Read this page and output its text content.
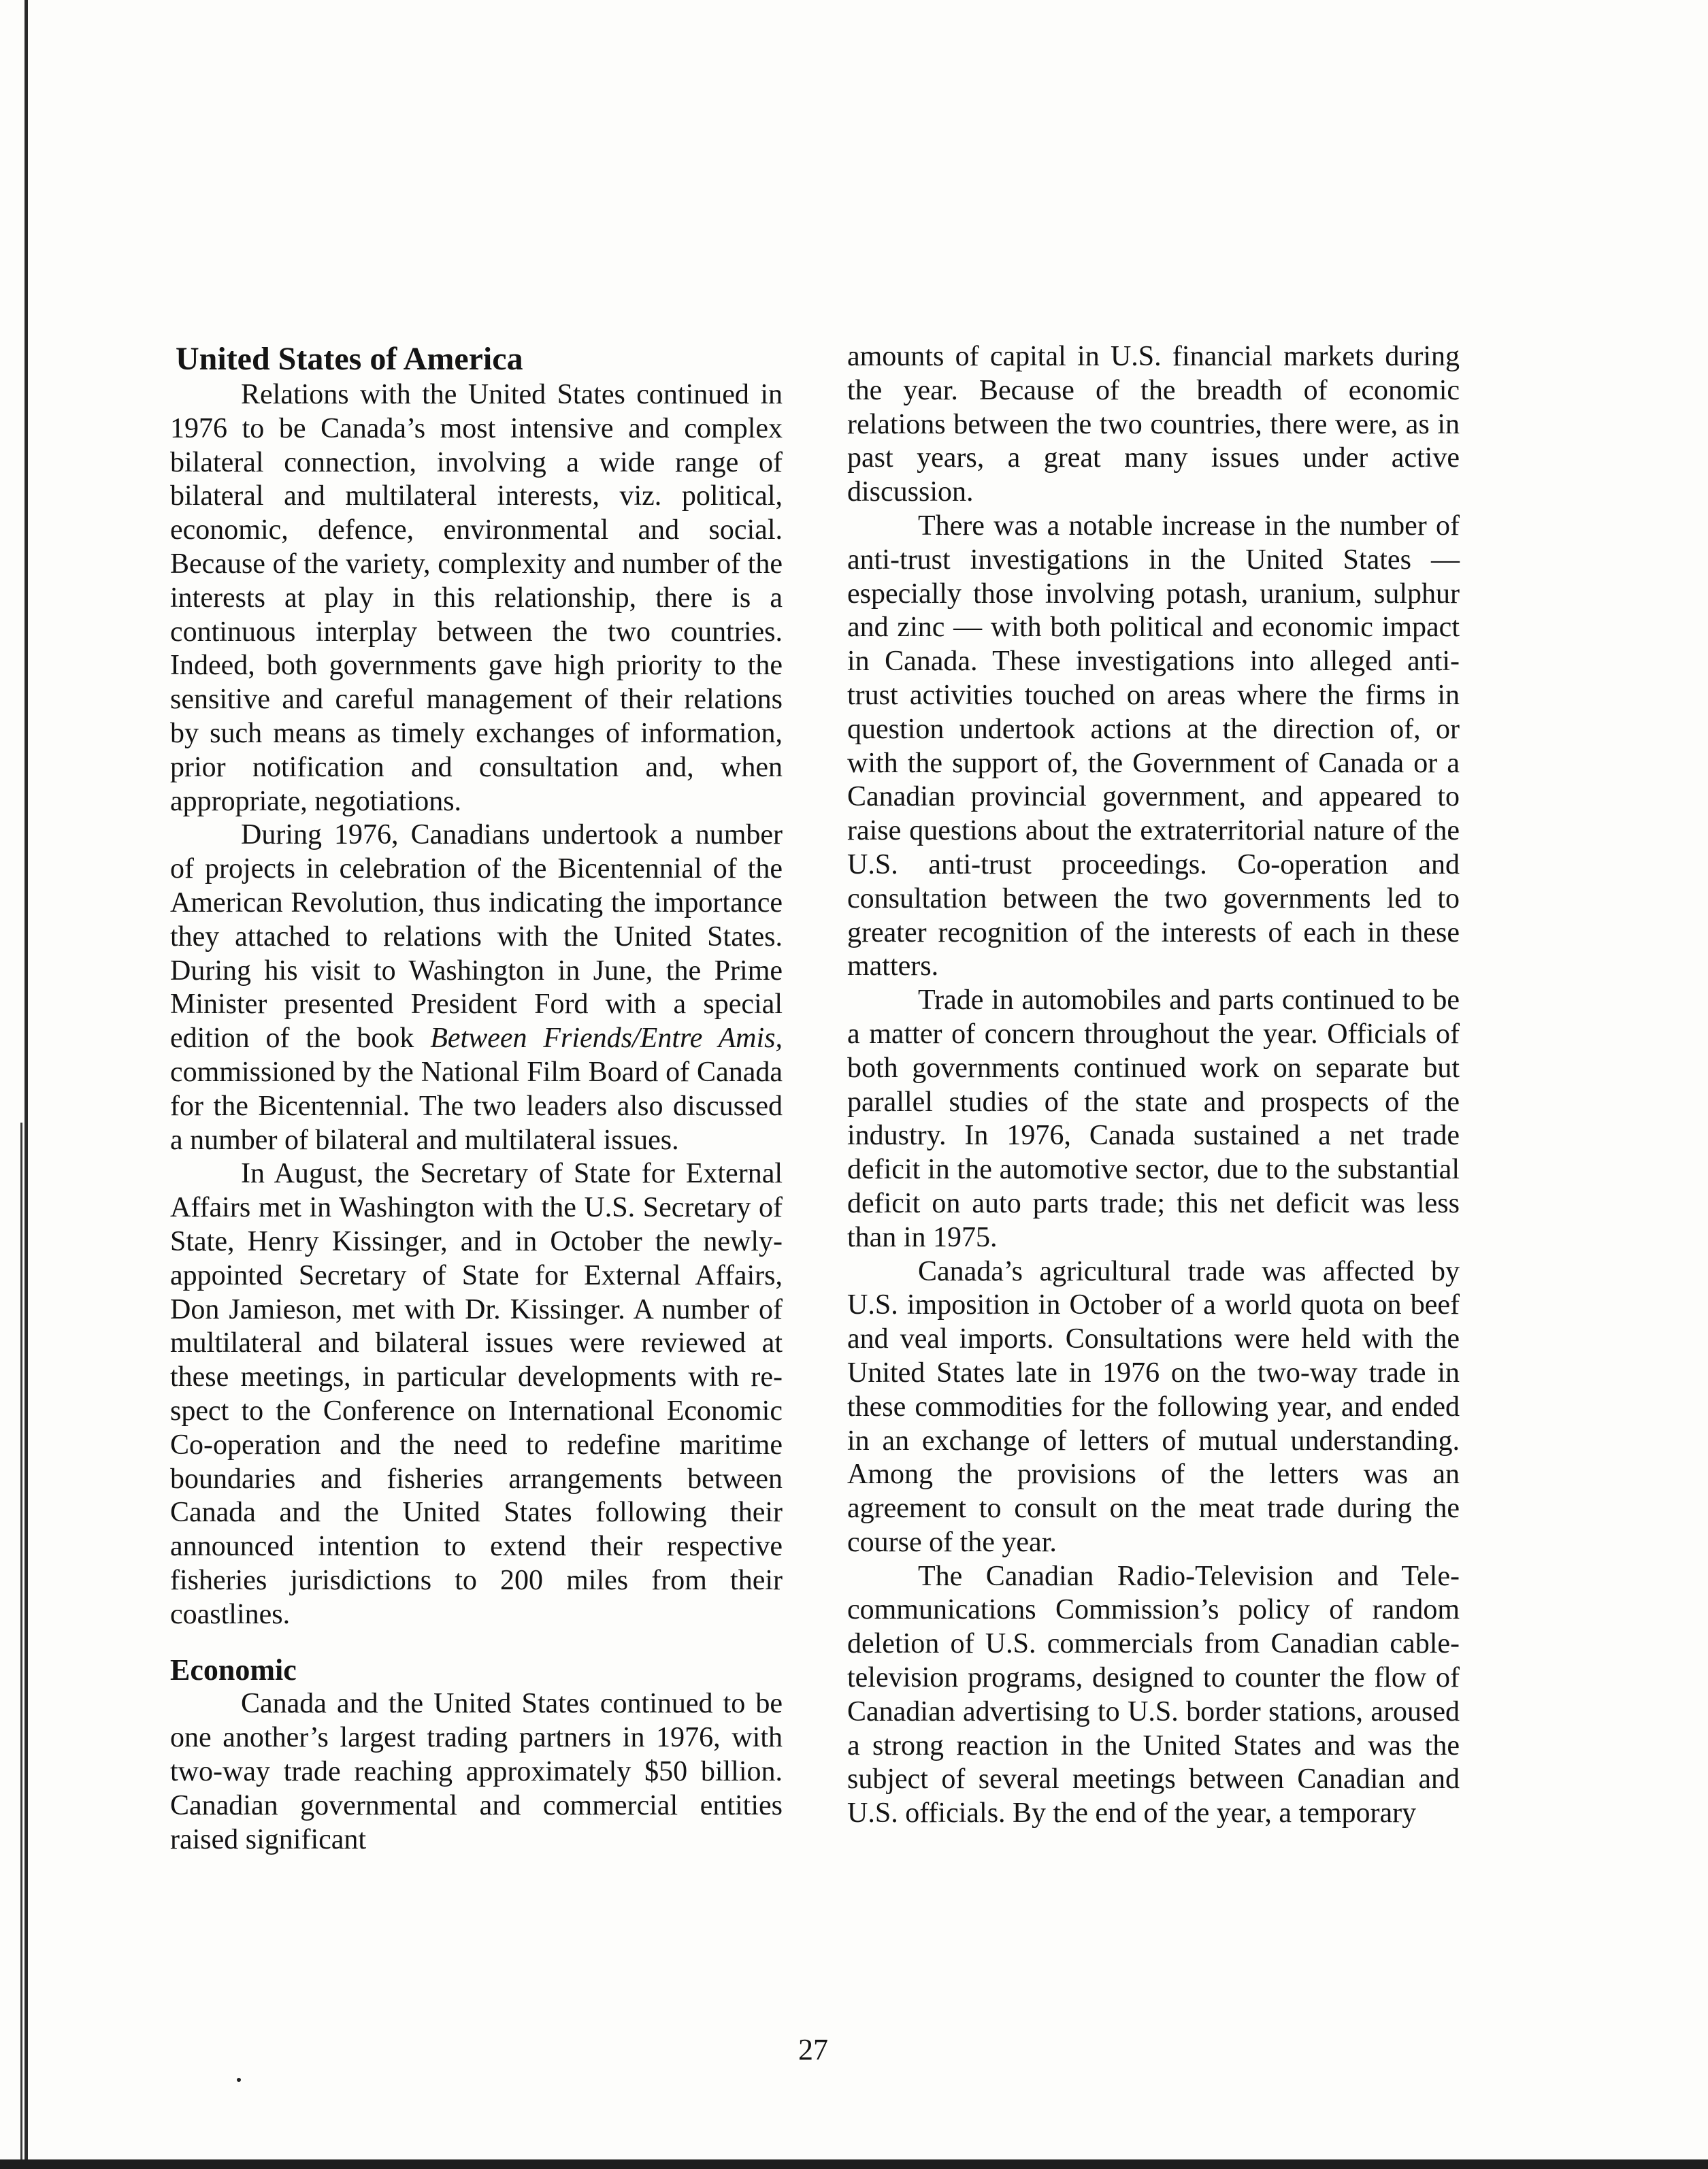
United States of America

Relations with the United States continued in 1976 to be Canada’s most intensive and complex bilateral connection, involving a wide range of bilateral and multilateral interests, viz. political, economic, defence, environmental and social. Because of the variety, complexity and number of the interests at play in this relationship, there is a continuous interplay between the two countries. Indeed, both governments gave high priority to the sensitive and careful management of their relations by such means as timely exchanges of information, prior notification and consultation and, when appropriate, negotiations.

During 1976, Canadians undertook a number of projects in celebration of the Bicentennial of the American Revolution, thus indicating the importance they attached to relations with the United States. During his visit to Washington in June, the Prime Minister presented President Ford with a special edition of the book Between Friends/Entre Amis, commissioned by the National Film Board of Canada for the Bicentennial. The two leaders also discussed a number of bilateral and multilateral issues.

In August, the Secretary of State for External Affairs met in Washington with the U.S. Secretary of State, Henry Kissinger, and in October the newly-appointed Secretary of State for External Affairs, Don Jamieson, met with Dr. Kissinger. A number of multilateral and bilateral issues were reviewed at these meetings, in particular developments with respect to the Conference on International Economic Co-operation and the need to redefine maritime boundaries and fisheries arrangements between Canada and the United States following their announced intention to extend their respective fisheries jurisdictions to 200 miles from their coastlines.

Economic

Canada and the United States continued to be one another’s largest trading partners in 1976, with two-way trade reaching approximately $50 billion. Canadian governmental and commercial entities raised significant

amounts of capital in U.S. financial markets during the year. Because of the breadth of economic relations between the two countries, there were, as in past years, a great many issues under active discussion.

There was a notable increase in the number of anti-trust investigations in the United States — especially those involving potash, uranium, sulphur and zinc — with both political and economic impact in Canada. These investigations into alleged anti-trust activities touched on areas where the firms in question undertook actions at the direction of, or with the support of, the Government of Canada or a Canadian provincial government, and appeared to raise questions about the extraterritorial nature of the U.S. anti-trust proceedings. Co-operation and consultation between the two governments led to greater recognition of the interests of each in these matters.

Trade in automobiles and parts continued to be a matter of concern throughout the year. Officials of both governments continued work on separate but parallel studies of the state and prospects of the industry. In 1976, Canada sustained a net trade deficit in the automotive sector, due to the substantial deficit on auto parts trade; this net deficit was less than in 1975.

Canada’s agricultural trade was affected by U.S. imposition in October of a world quota on beef and veal imports. Consultations were held with the United States late in 1976 on the two-way trade in these commodities for the following year, and ended in an exchange of letters of mutual understanding. Among the provisions of the letters was an agreement to consult on the meat trade during the course of the year.

The Canadian Radio-Television and Telecommunications Commission’s policy of random deletion of U.S. commercials from Canadian cable-television programs, designed to counter the flow of Canadian advertising to U.S. border stations, aroused a strong reaction in the United States and was the subject of several meetings between Canadian and U.S. officials. By the end of the year, a temporary

27
